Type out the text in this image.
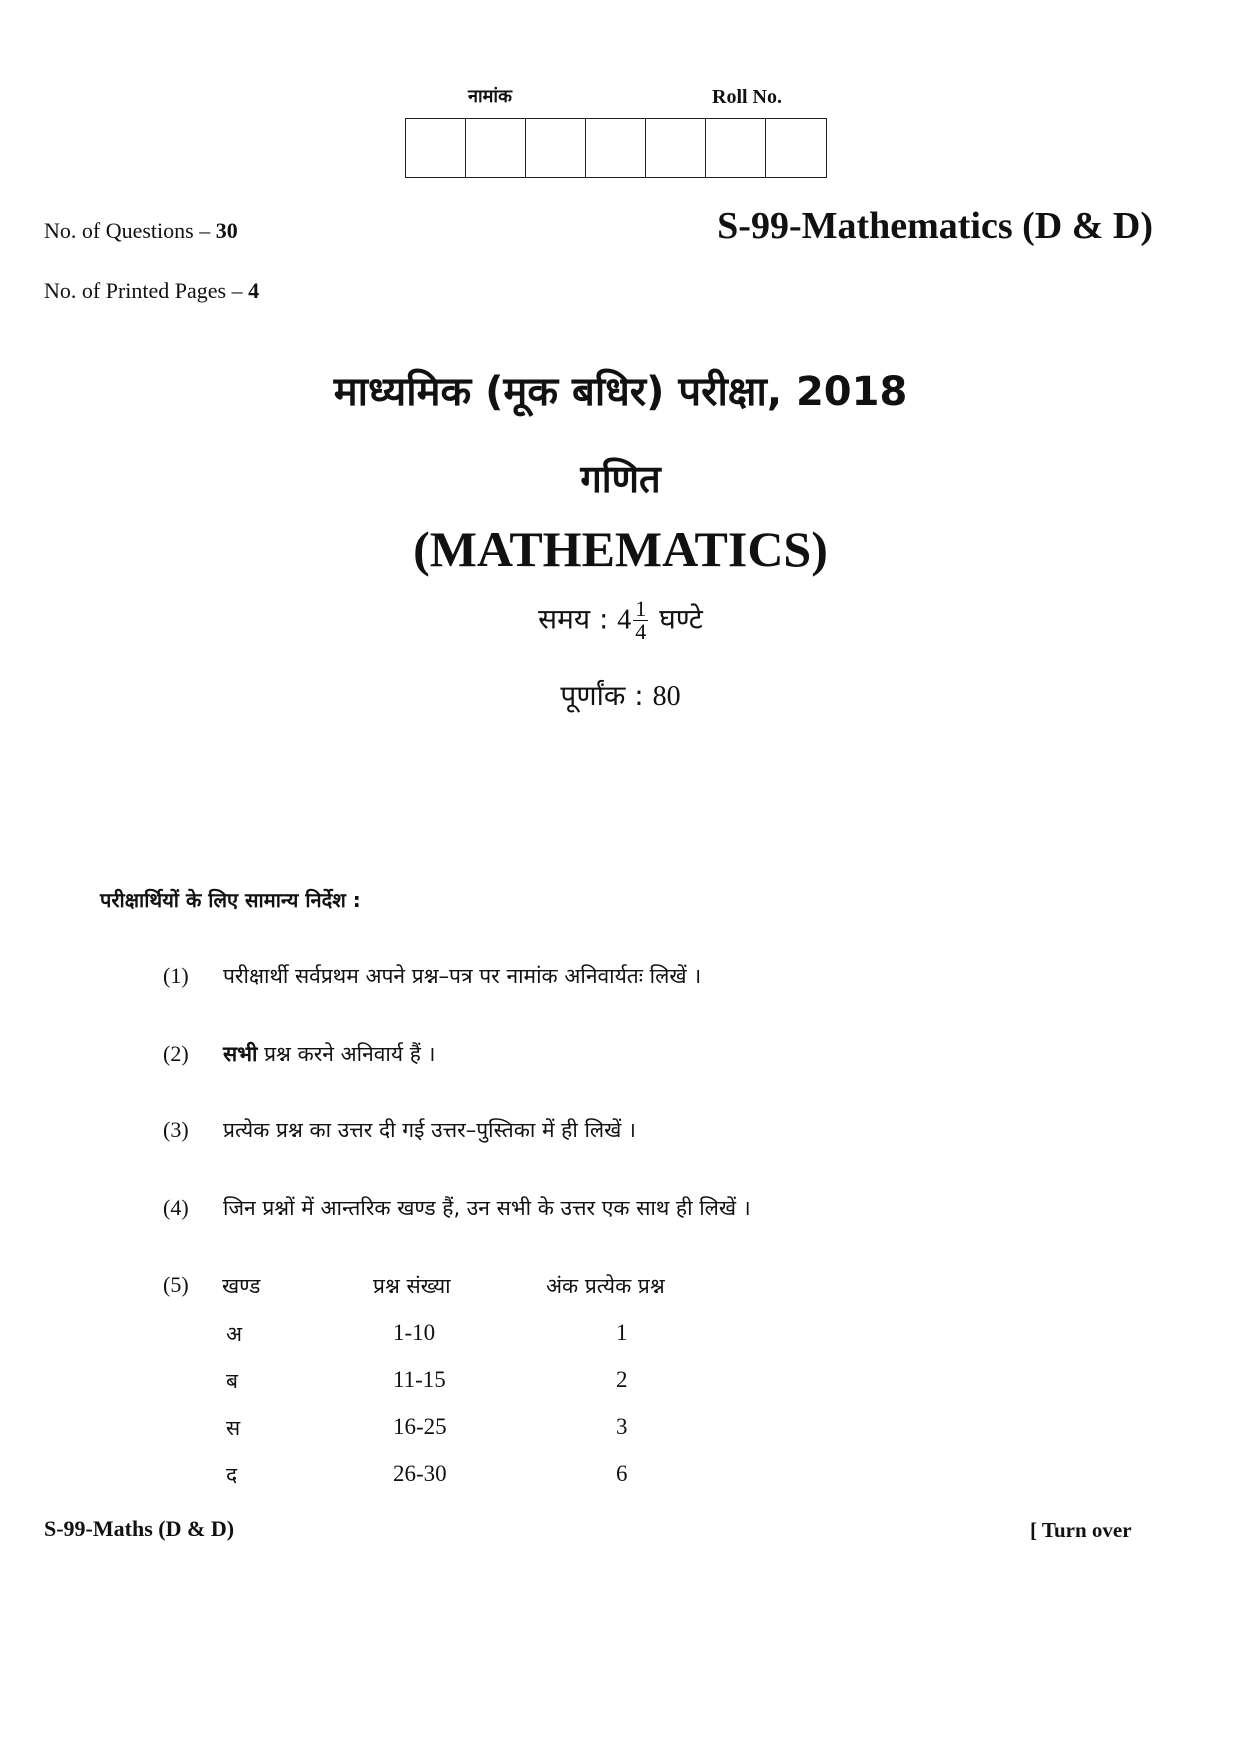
नामांक	Roll No.
No. of Questions – 30	S-99-Mathematics (D & D)
No. of Printed Pages – 4
माध्यमिक (मूक बधिर) परीक्षा, 2018
गणित
(MATHEMATICS)
समय : $4 \frac{1}{4}$ घण्टे
पूर्णांक : 80
परीक्षार्थियों के लिए सामान्य निर्देश :
(1) परीक्षार्थी सर्वप्रथम अपने प्रश्न–पत्र पर नामांक अनिवार्यतः लिखें ।
(2) सभी प्रश्न करने अनिवार्य हैं ।
(3) प्रत्येक प्रश्न का उत्तर दी गई उत्तर–पुस्तिका में ही लिखें ।
(4) जिन प्रश्नों में आन्तरिक खण्ड हैं, उन सभी के उत्तर एक साथ ही लिखें ।
(5)	खण्ड	प्रश्न संख्या	अंक प्रत्येक प्रश्न
अ	1-10	1
ब	11-15	2
स	16-25	3
द	26-30	6
S-99-Maths (D & D)	[ Turn over
